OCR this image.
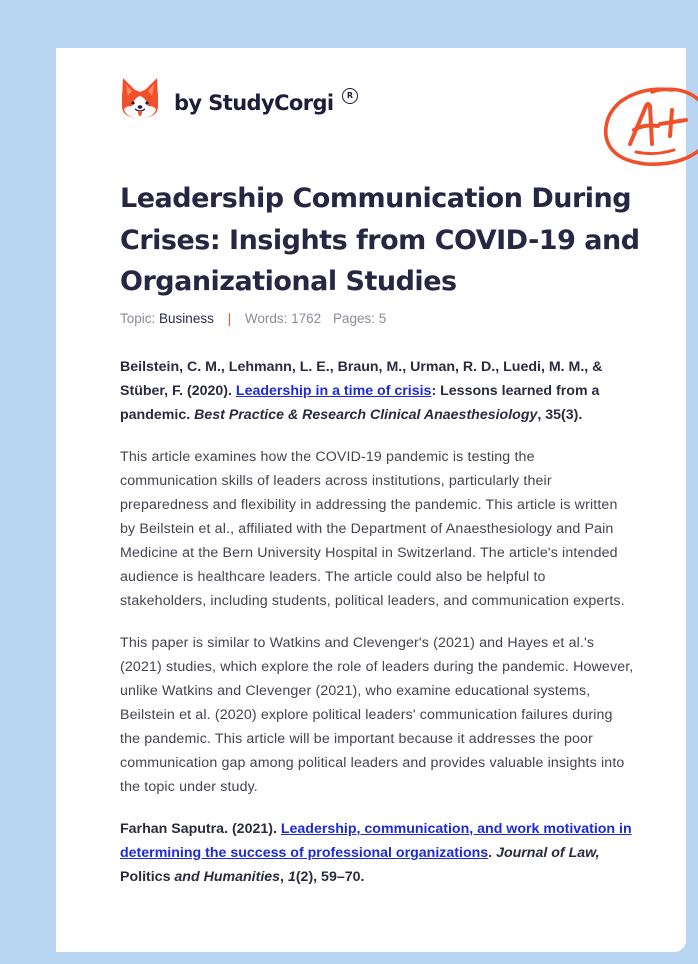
by StudyCorgi	R
Leadership Communication During Crises: Insights from COVID-19 and Organizational Studies
Topic: Business | Words: 1762 Pages: 5

Beilstein, C. M., Lehmann, L. E., Braun, M., Urman, R. D., Luedi, M. M., & Stüber, F. (2020). Leadership in a time of crisis: Lessons learned from a pandemic. Best Practice & Research Clinical Anaesthesiology, 35(3).

This article examines how the COVID-19 pandemic is testing the communication skills of leaders across institutions, particularly their preparedness and flexibility in addressing the pandemic. This article is written by Beilstein et al., affiliated with the Department of Anaesthesiology and Pain Medicine at the Bern University Hospital in Switzerland. The article's intended audience is healthcare leaders. The article could also be helpful to stakeholders, including students, political leaders, and communication experts.

This paper is similar to Watkins and Clevenger's (2021) and Hayes et al.'s (2021) studies, which explore the role of leaders during the pandemic. However, unlike Watkins and Clevenger (2021), who examine educational systems, Beilstein et al. (2020) explore political leaders' communication failures during the pandemic. This article will be important because it addresses the poor communication gap among political leaders and provides valuable insights into the topic under study.

Farhan Saputra. (2021). Leadership, communication, and work motivation in determining the success of professional organizations. Journal of Law, Politics and Humanities, 1(2), 59–70.
